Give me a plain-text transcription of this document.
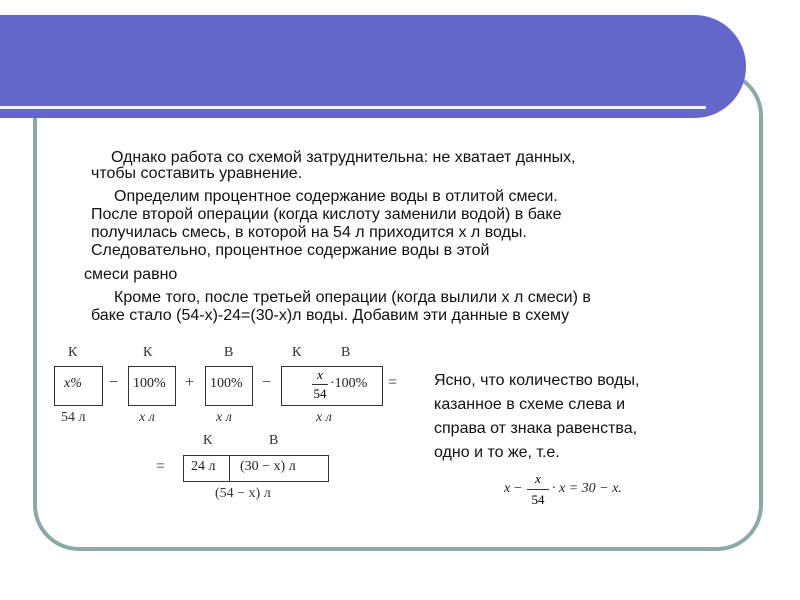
Однако работа со схемой затруднительна: не хватает данных,
чтобы составить уравнение.
Определим процентное содержание воды в отлитой смеси.
После второй операции (когда кислоту заменили водой) в баке
получилась смесь, в которой на 54 л приходится х л воды.
Следовательно, процентное содержание воды в этой
смеси равно
Кроме того, после третьей операции (когда вылили х л смеси) в
баке стало (54-х)-24=(30-х)л воды. Добавим эти данные в схему
К	К	В	К	В
x%
54 л
− 100%
x л
+ 100%
x л
−	x
54
·100%
x л
=
К	В
= 24 л (30 − x) л
(54 − x) л
Ясно, что количество воды,
казанное в схеме слева и
справа от знака равенства,
одно и то же, т.е.
x −
x
54
· x = 30 − x.
